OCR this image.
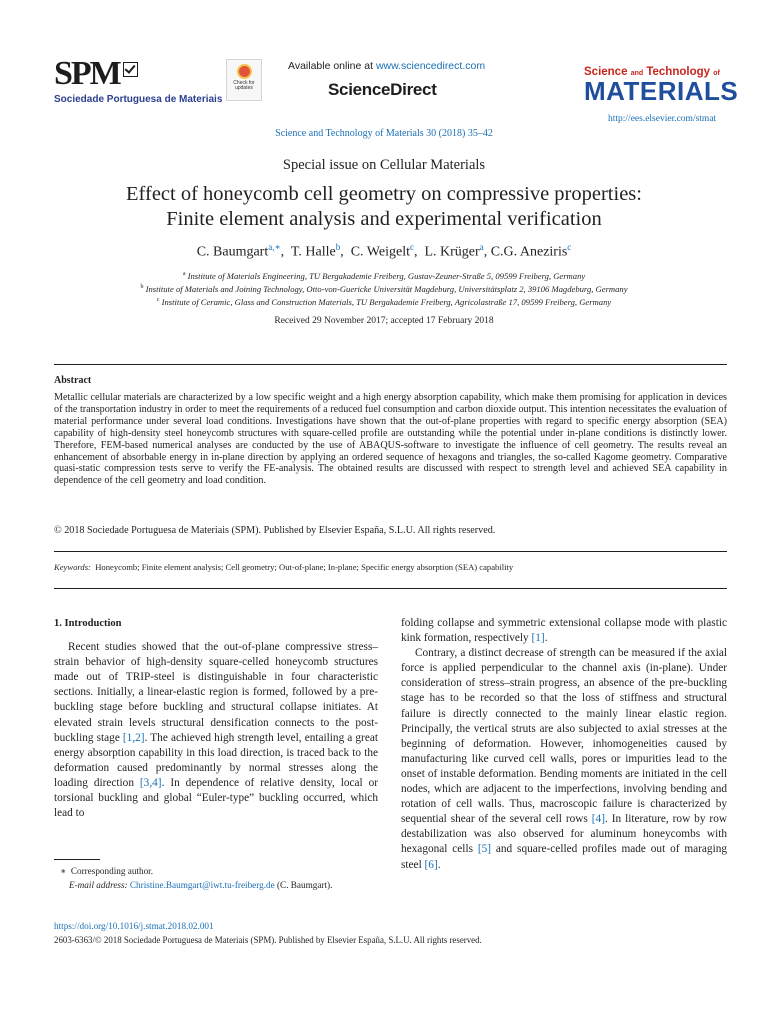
SPM
Sociedade Portuguesa de Materiais
Check for updates
Available online at www.sciencedirect.com
ScienceDirect
Science and Technology of
MATERIALS
http://ees.elsevier.com/stmat
Science and Technology of Materials 30 (2018) 35–42
Special issue on Cellular Materials
Effect of honeycomb cell geometry on compressive properties:
Finite element analysis and experimental verification
C. Baumgart$^{a,∗}$,  T. Halle$^b$,  C. Weigelt$^c$,  L. Krüger$^a$, C.G. Aneziris$^c$
$^a$ Institute of Materials Engineering, TU Bergakademie Freiberg, Gustav-Zeuner-Straße 5, 09599 Freiberg, Germany
$^b$ Institute of Materials and Joining Technology, Otto-von-Guericke Universität Magdeburg, Universitätsplatz 2, 39106 Magdeburg, Germany
$^c$ Institute of Ceramic, Glass and Construction Materials, TU Bergakademie Freiberg, Agricolastraße 17, 09599 Freiberg, Germany
Received 29 November 2017; accepted 17 February 2018
Abstract
Metallic cellular materials are characterized by a low specific weight and a high energy absorption capability, which make them promising for application in devices of the transportation industry in order to meet the requirements of a reduced fuel consumption and carbon dioxide output. This intention necessitates the evaluation of material performance under several load conditions. Investigations have shown that the out-of-plane properties with regard to specific energy absorption (SEA) capability of high-density steel honeycomb structures with square-celled profile are outstanding while the potential under in-plane conditions is distinctly lower. Therefore, FEM-based numerical analyses are conducted by the use of ABAQUS-software to investigate the influence of cell geometry. The results reveal an enhancement of absorbable energy in in-plane direction by applying an ordered sequence of hexagons and triangles, the so-called Kagome geometry. Comparative quasi-static compression tests serve to verify the FE-analysis. The obtained results are discussed with respect to strength level and achieved SEA capability in dependence of the cell geometry and load condition.
© 2018 Sociedade Portuguesa de Materiais (SPM). Published by Elsevier España, S.L.U. All rights reserved.
Keywords: Honeycomb; Finite element analysis; Cell geometry; Out-of-plane; In-plane; Specific energy absorption (SEA) capability

1. Introduction

Recent studies showed that the out-of-plane compressive stress–strain behavior of high-density square-celled honeycomb structures made out of TRIP-steel is distinguishable in four characteristic sections. Initially, a linear-elastic region is formed, followed by a pre-buckling stage before buckling and structural collapse initiates. At elevated strain levels structural densification connects to the post-buckling stage [1,2]. The achieved high strength level, entailing a great energy absorption capability in this load direction, is traced back to the deformation caused predominantly by normal stresses along the loading direction [3,4]. In dependence of relative density, local or torsional buckling and global “Euler-type” buckling occurred, which lead to

folding collapse and symmetric extensional collapse mode with plastic kink formation, respectively [1].

Contrary, a distinct decrease of strength can be measured if the axial force is applied perpendicular to the channel axis (in-plane). Under consideration of stress–strain progress, an absence of the pre-buckling stage has to be recorded so that the loss of stiffness and structural failure is directly connected to the mainly linear elastic region. Principally, the vertical struts are also subjected to axial stresses at the beginning of deformation. However, inhomogeneities caused by manufacturing like curved cell walls, pores or impurities lead to the onset of instable deformation. Bending moments are initiated in the cell nodes, which are adjacent to the imperfections, involving bending and rotation of cell walls. Thus, macroscopic failure is characterized by sequential shear of the several cell rows [4]. In literature, row by row destabilization was also observed for aluminum honeycombs with hexagonal cells [5] and square-celled profiles made out of maraging steel [6].

∗ Corresponding author.
E-mail address: Christine.Baumgart@iwt.tu-freiberg.de (C. Baumgart).
https://doi.org/10.1016/j.stmat.2018.02.001
2603-6363/© 2018 Sociedade Portuguesa de Materiais (SPM). Published by Elsevier España, S.L.U. All rights reserved.
